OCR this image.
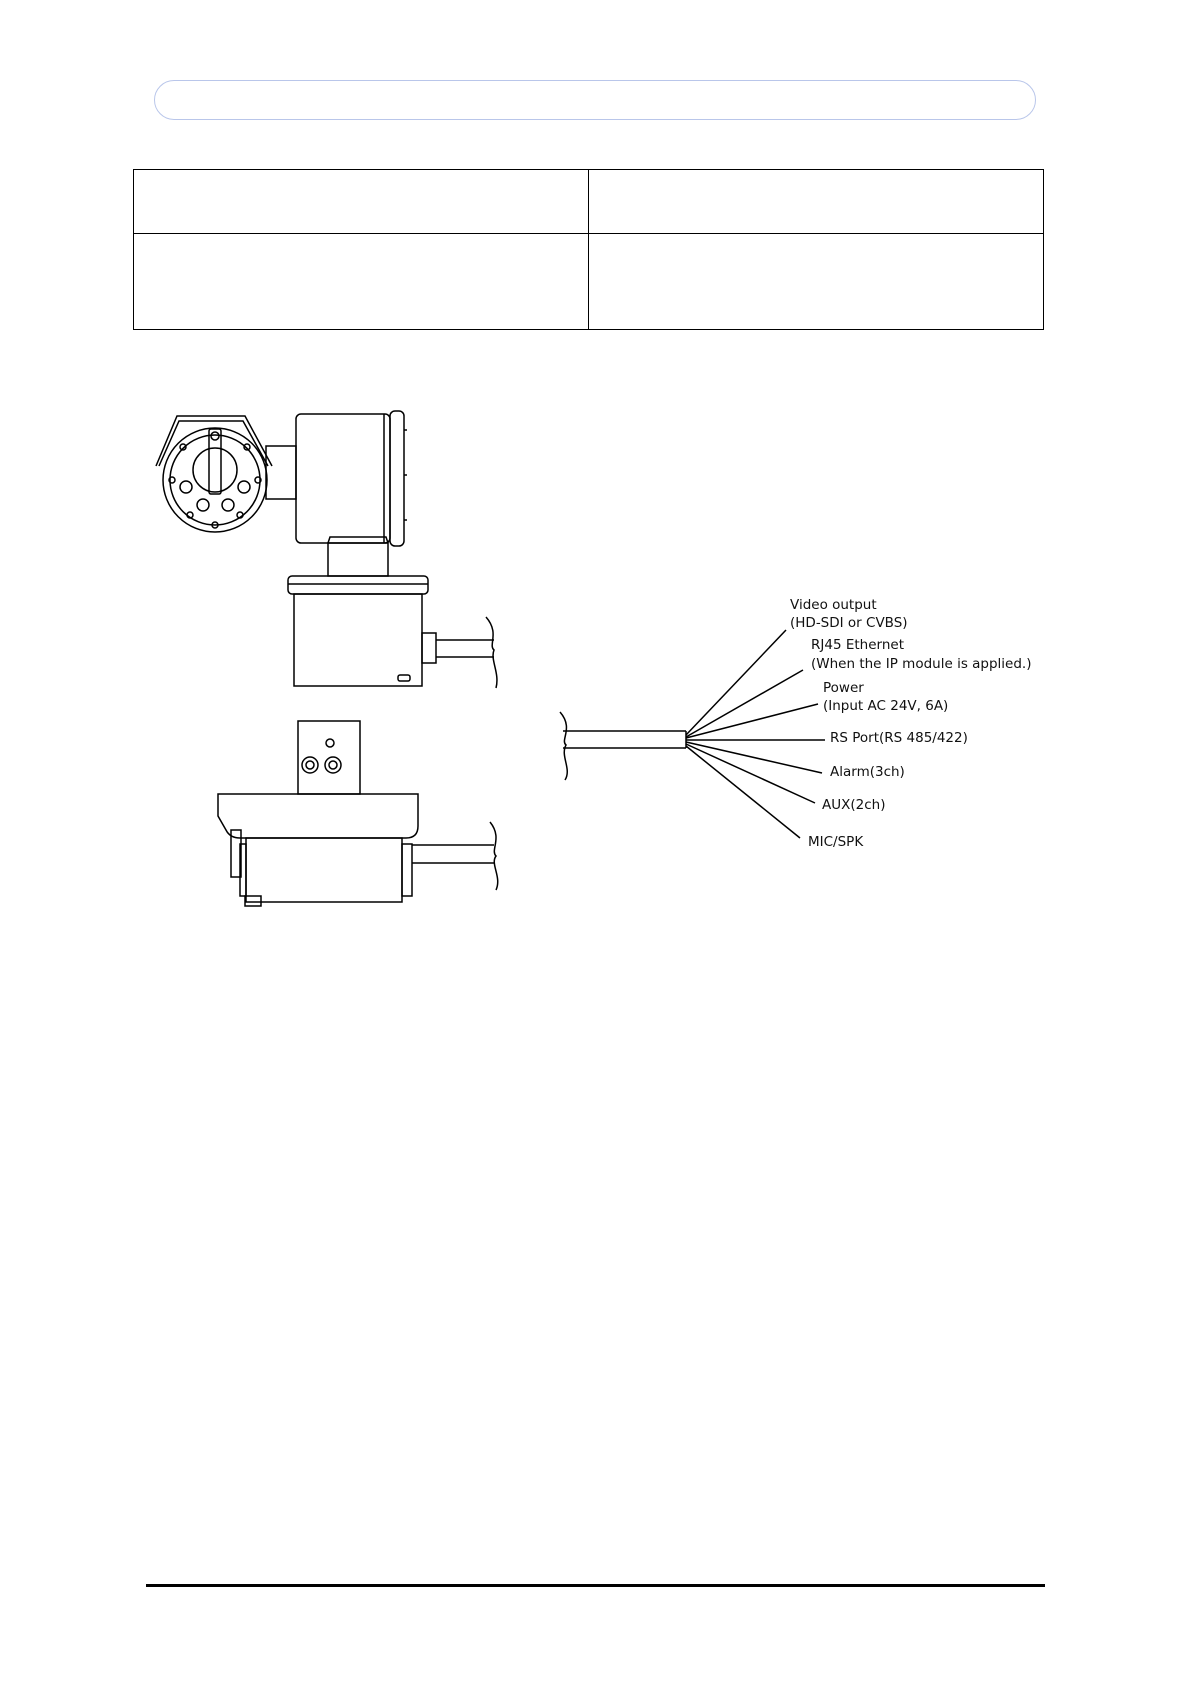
Video output
(HD-SDI or CVBS)
RJ45 Ethernet
(When the IP module is applied.)
Power
(Input AC 24V, 6A)
RS Port(RS 485/422)
Alarm(3ch)
AUX(2ch)
MIC/SPK
